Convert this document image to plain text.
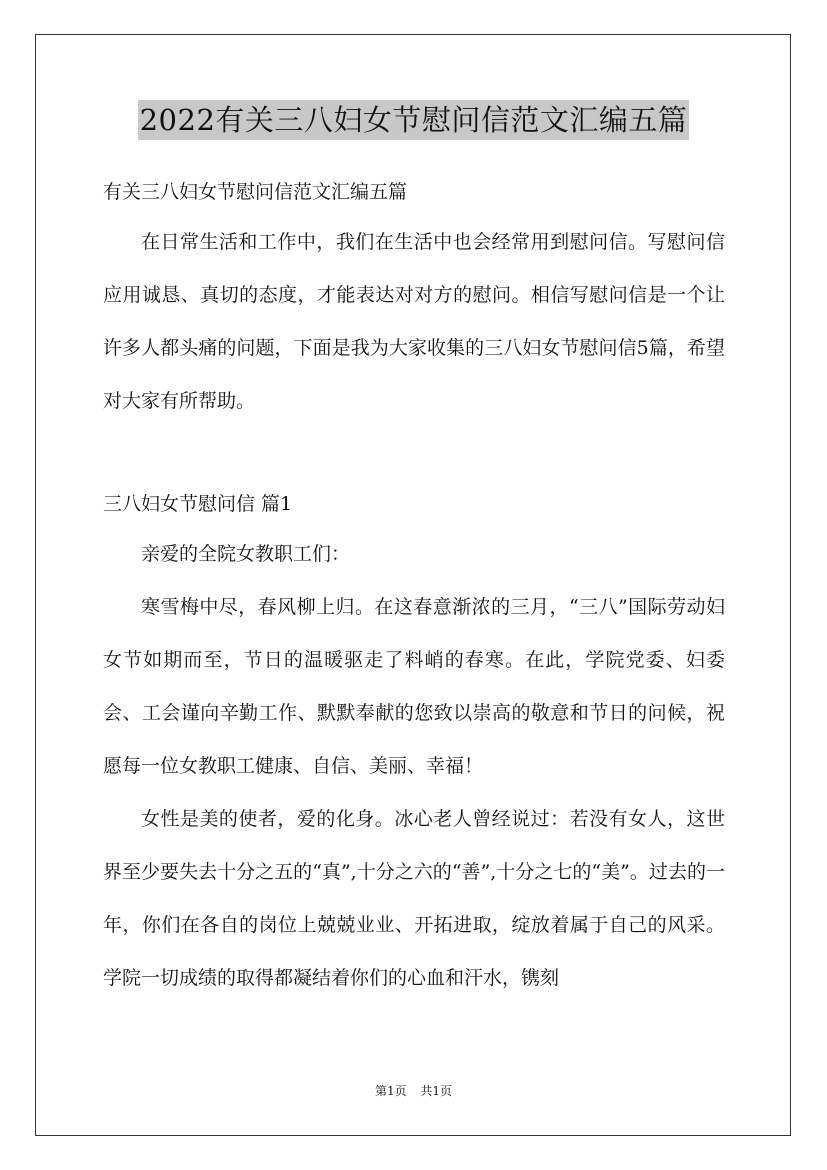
2022有关三八妇女节慰问信范文汇编五篇

有关三八妇女节慰问信范文汇编五篇

在日常生活和工作中，我们在生活中也会经常用到慰问信。写慰问信应用诚恳、真切的态度，才能表达对对方的慰问。相信写慰问信是一个让许多人都头痛的问题，下面是我为大家收集的三八妇女节慰问信5篇，希望对大家有所帮助。

三八妇女节慰问信 篇1

亲爱的全院女教职工们：

寒雪梅中尽，春风柳上归。在这春意渐浓的三月，“三八”国际劳动妇女节如期而至，节日的温暖驱走了料峭的春寒。在此，学院党委、妇委会、工会谨向辛勤工作、默默奉献的您致以崇高的敬意和节日的问候，祝愿每一位女教职工健康、自信、美丽、幸福！

女性是美的使者，爱的化身。冰心老人曾经说过：若没有女人，这世界至少要失去十分之五的“真”,十分之六的“善”,十分之七的“美”。过去的一年，你们在各自的岗位上兢兢业业、开拓进取，绽放着属于自己的风采。学院一切成绩的取得都凝结着你们的心血和汗水，镌刻

第1页 共1页
